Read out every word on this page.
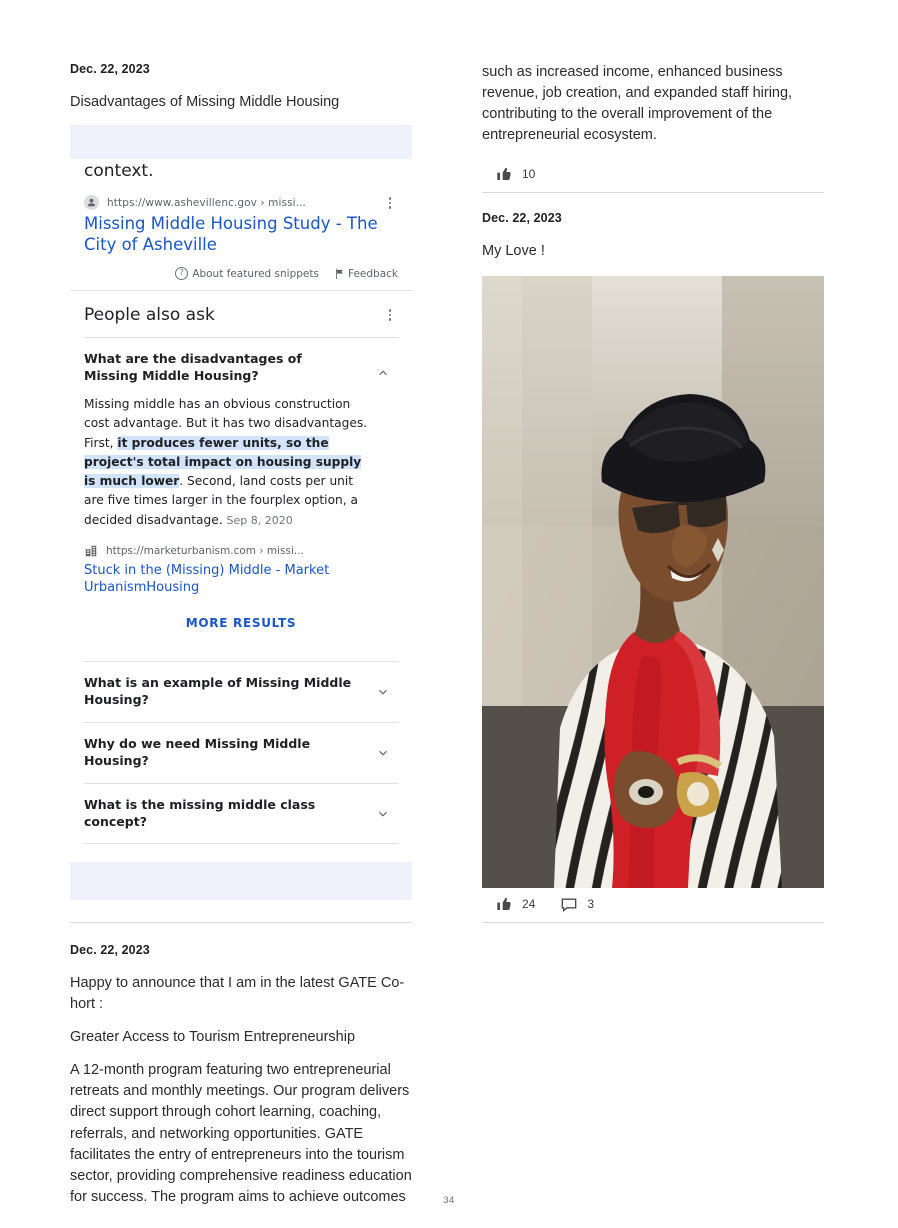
Dec. 22, 2023
Disadvantages of Missing Middle Housing
context.
https://www.ashevillenc.gov › missi...
Missing Middle Housing Study - The City of Asheville
? About featured snippets	Feedback
People also ask
What are the disadvantages of Missing Middle Housing?
Missing middle has an obvious construction cost advantage. But it has two disadvantages. First, it produces fewer units, so the project's total impact on housing supply is much lower. Second, land costs per unit are five times larger in the fourplex option, a decided disadvantage. Sep 8, 2020
https://marketurbanism.com › missi...
Stuck in the (Missing) Middle - Market UrbanismHousing
MORE RESULTS
What is an example of Missing Middle Housing?
Why do we need Missing Middle Housing?
What is the missing middle class concept?
Dec. 22, 2023

Happy to announce that I am in the latest GATE Co-hort :

Greater Access to Tourism Entrepreneurship

A 12-month program featuring two entrepreneurial retreats and monthly meetings. Our program delivers direct support through cohort learning, coaching, referrals, and networking opportunities. GATE facilitates the entry of entrepreneurs into the tourism sector, providing comprehensive readiness education for success. The program aims to achieve outcomes

such as increased income, enhanced business revenue, job creation, and expanded staff hiring, contributing to the overall improvement of the entrepreneurial ecosystem.

10
Dec. 22, 2023

My Love !

24	3
34
